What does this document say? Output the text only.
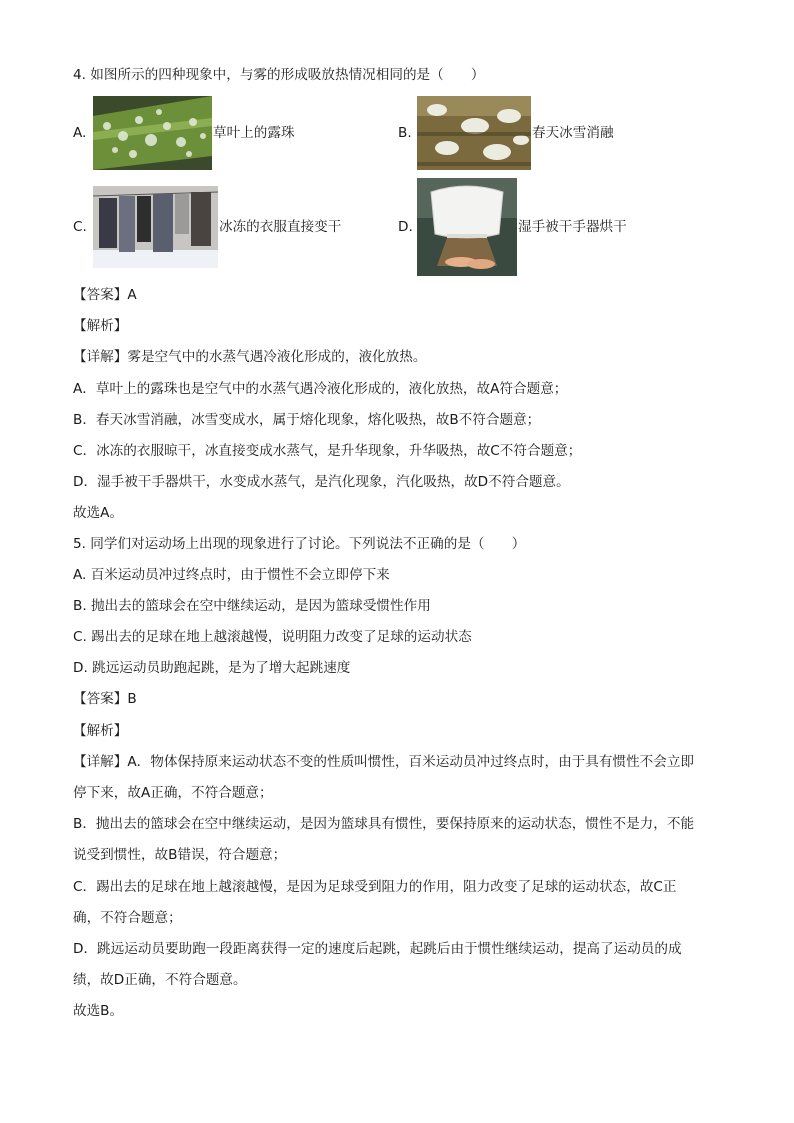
4. 如图所示的四种现象中，与雾的形成吸放热情况相同的是（　　）
A.	草叶上的露珠	B.	春天冰雪消融
C.	冰冻的衣服直接变干	D.	湿手被干手器烘干
【答案】A
【解析】
【详解】雾是空气中的水蒸气遇冷液化形成的，液化放热。
A．草叶上的露珠也是空气中的水蒸气遇冷液化形成的，液化放热，故A符合题意；
B．春天冰雪消融，冰雪变成水，属于熔化现象，熔化吸热，故B不符合题意；
C．冰冻的衣服晾干，冰直接变成水蒸气，是升华现象，升华吸热，故C不符合题意；
D．湿手被干手器烘干，水变成水蒸气，是汽化现象，汽化吸热，故D不符合题意。
故选A。
5. 同学们对运动场上出现的现象进行了讨论。下列说法不正确的是（　　）
A. 百米运动员冲过终点时，由于惯性不会立即停下来
B. 抛出去的篮球会在空中继续运动，是因为篮球受惯性作用
C. 踢出去的足球在地上越滚越慢，说明阻力改变了足球的运动状态
D. 跳远运动员助跑起跳，是为了增大起跳速度
【答案】B
【解析】
【详解】A．物体保持原来运动状态不变的性质叫惯性，百米运动员冲过终点时，由于具有惯性不会立即
停下来，故A正确，不符合题意；
B．抛出去的篮球会在空中继续运动，是因为篮球具有惯性，要保持原来的运动状态，惯性不是力，不能
说受到惯性，故B错误，符合题意；
C．踢出去的足球在地上越滚越慢，是因为足球受到阻力的作用，阻力改变了足球的运动状态，故C正
确，不符合题意；
D．跳远运动员要助跑一段距离获得一定的速度后起跳，起跳后由于惯性继续运动，提高了运动员的成
绩，故D正确，不符合题意。
故选B。
